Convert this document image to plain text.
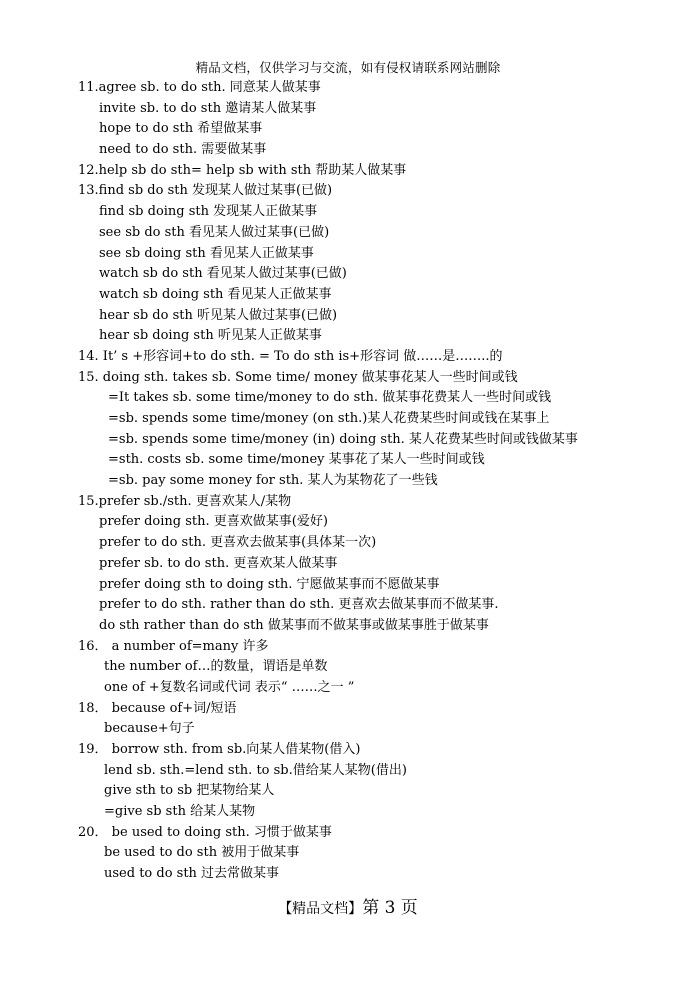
精品文档，仅供学习与交流，如有侵权请联系网站删除
11.agree sb. to do sth. 同意某人做某事
invite sb. to do sth 邀请某人做某事
hope to do sth 希望做某事
need to do sth. 需要做某事
12.help sb do sth= help sb with sth 帮助某人做某事
13.find sb do sth 发现某人做过某事(已做)
find sb doing sth 发现某人正做某事
see sb do sth 看见某人做过某事(已做)
see sb doing sth 看见某人正做某事
watch sb do sth 看见某人做过某事(已做)
watch sb doing sth 看见某人正做某事
hear sb do sth 听见某人做过某事(已做)
hear sb doing sth 听见某人正做某事
14. It’ s +形容词+to do sth. = To do sth is+形容词 做……是……..的
15. doing sth. takes sb. Some time/ money 做某事花某人一些时间或钱
=It takes sb. some time/money to do sth. 做某事花费某人一些时间或钱
=sb. spends some time/money (on sth.)某人花费某些时间或钱在某事上
=sb. spends some time/money (in) doing sth. 某人花费某些时间或钱做某事
=sth. costs sb. some time/money 某事花了某人一些时间或钱
=sb. pay some money for sth. 某人为某物花了一些钱
15.prefer sb./sth. 更喜欢某人/某物
prefer doing sth. 更喜欢做某事(爱好)
prefer to do sth. 更喜欢去做某事(具体某一次)
prefer sb. to do sth. 更喜欢某人做某事
prefer doing sth to doing sth. 宁愿做某事而不愿做某事
prefer to do sth. rather than do sth. 更喜欢去做某事而不做某事.
do sth rather than do sth 做某事而不做某事或做某事胜于做某事
16． a number of=many 许多
the number of…的数量，谓语是单数
one of +复数名词或代词 表示“ ……之一 ”
18． because of+词/短语
because+句子
19． borrow sth. from sb.向某人借某物(借入)
lend sb. sth.=lend sth. to sb.借给某人某物(借出)
give sth to sb 把某物给某人
=give sb sth 给某人某物
20． be used to doing sth. 习惯于做某事
be used to do sth 被用于做某事
used to do sth 过去常做某事
【精品文档】第 3 页
